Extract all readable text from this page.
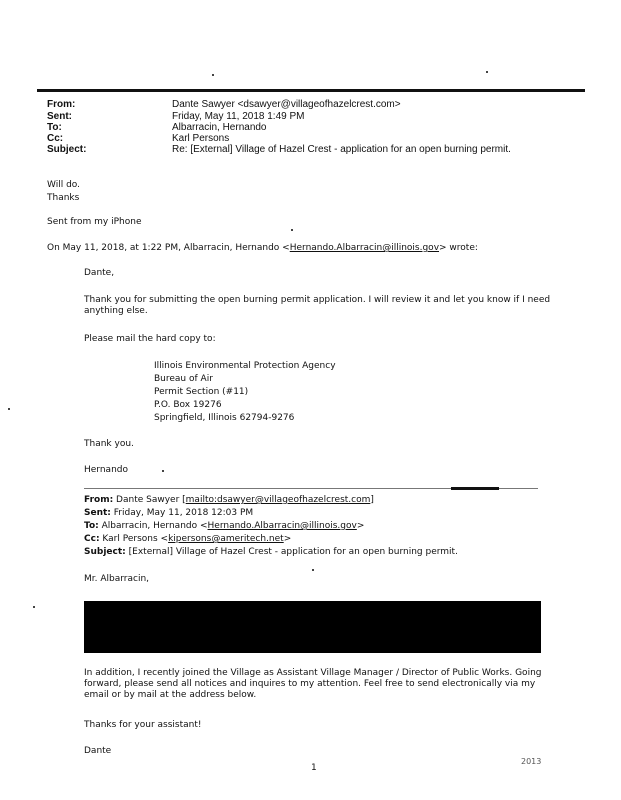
From:	Dante Sawyer <dsawyer@villageofhazelcrest.com>
Sent:	Friday, May 11, 2018 1:49 PM
To:	Albarracin, Hernando
Cc:	Karl Persons
Subject:	Re: [External] Village of Hazel Crest - application for an open burning permit.
Will do.
Thanks
Sent from my iPhone
On May 11, 2018, at 1:22 PM, Albarracin, Hernando <Hernando.Albarracin@illinois.gov> wrote:
Dante,
Thank you for submitting the open burning permit application. I will review it and let you know if I need anything else.
Please mail the hard copy to:
Illinois Environmental Protection Agency
Bureau of Air
Permit Section (#11)
P.O. Box 19276
Springfield, Illinois 62794-9276
Thank you.
Hernando
From: Dante Sawyer [mailto:dsawyer@villageofhazelcrest.com]
Sent: Friday, May 11, 2018 12:03 PM
To: Albarracin, Hernando <Hernando.Albarracin@illinois.gov>
Cc: Karl Persons <kipersons@ameritech.net>
Subject: [External] Village of Hazel Crest - application for an open burning permit.
Mr. Albarracin,
In addition, I recently joined the Village as Assistant Village Manager / Director of Public Works. Going forward, please send all notices and inquires to my attention. Feel free to send electronically via my email or by mail at the address below.
Thanks for your assistant!
Dante
1
2013
